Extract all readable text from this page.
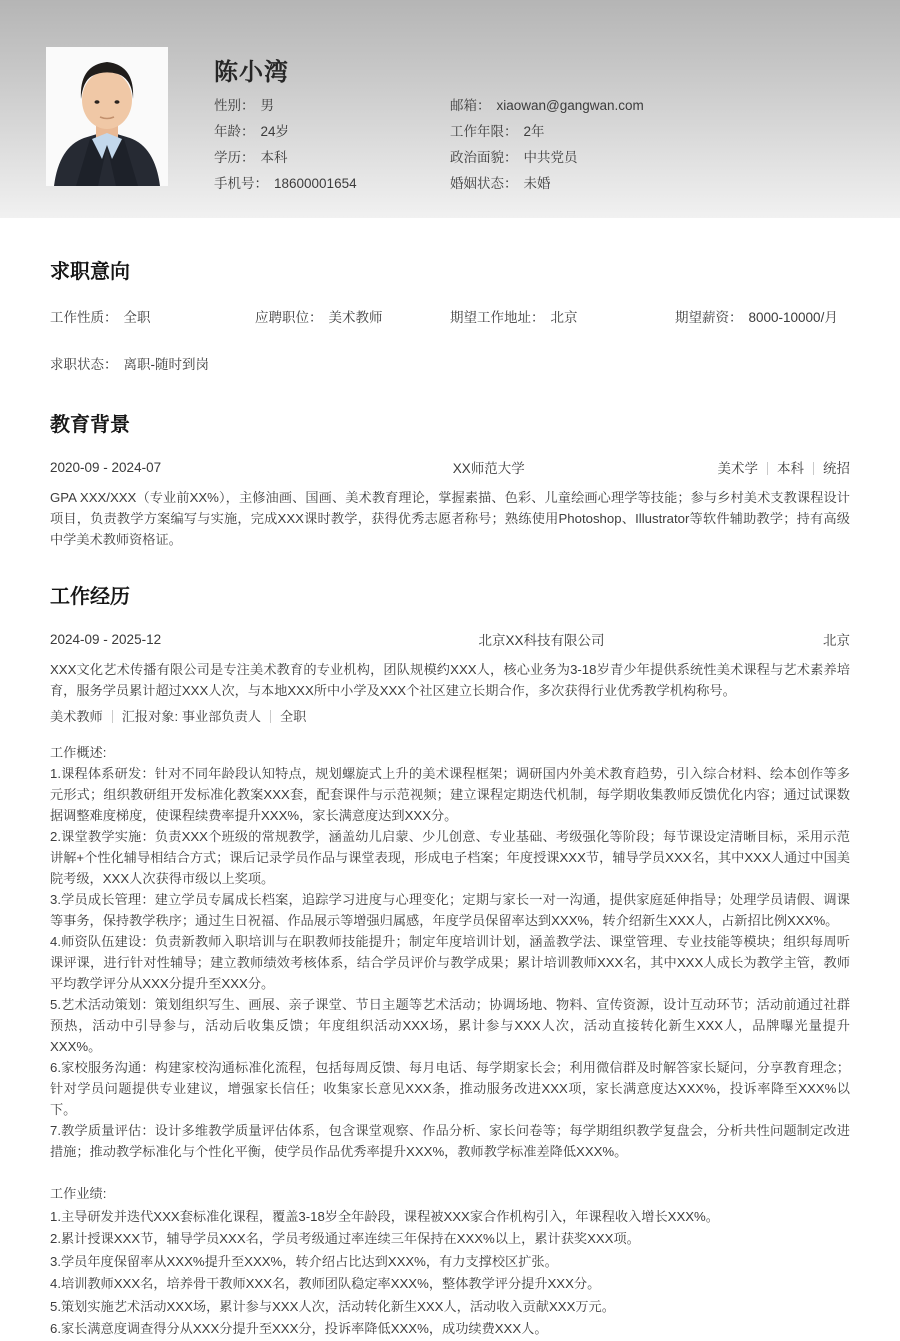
陈小湾
性别： 男
年龄： 24岁
学历： 本科
手机号： 18600001654
邮箱： xiaowan@gangwan.com
工作年限： 2年
政治面貌： 中共党员
婚姻状态： 未婚
求职意向
工作性质： 全职	应聘职位： 美术教师	期望工作地址： 北京	期望薪资： 8000-10000/月
求职状态： 离职-随时到岗
教育背景
2020-09 - 2024-07	XX师范大学	美术学 本科 统招

GPA XXX/XXX（专业前XX%），主修油画、国画、美术教育理论，掌握素描、色彩、儿童绘画心理学等技能；参与乡村美术支教课程设计项目，负责教学方案编写与实施，完成XXX课时教学，获得优秀志愿者称号；熟练使用Photoshop、Illustrator等软件辅助教学；持有高级中学美术教师资格证。

工作经历
2024-09 - 2025-12	北京XX科技有限公司	北京

XXX文化艺术传播有限公司是专注美术教育的专业机构，团队规模约XXX人，核心业务为3-18岁青少年提供系统性美术课程与艺术素养培育，服务学员累计超过XXX人次，与本地XXX所中小学及XXX个社区建立长期合作，多次获得行业优秀教学机构称号。

美术教师 汇报对象: 事业部负责人 全职

工作概述:

1.课程体系研发：针对不同年龄段认知特点，规划螺旋式上升的美术课程框架；调研国内外美术教育趋势，引入综合材料、绘本创作等多元形式；组织教研组开发标准化教案XXX套，配套课件与示范视频；建立课程定期迭代机制，每学期收集教师反馈优化内容；通过试课数据调整难度梯度，使课程续费率提升XXX%，家长满意度达到XXX分。

2.课堂教学实施：负责XXX个班级的常规教学，涵盖幼儿启蒙、少儿创意、专业基础、考级强化等阶段；每节课设定清晰目标，采用示范讲解+个性化辅导相结合方式；课后记录学员作品与课堂表现，形成电子档案；年度授课XXX节，辅导学员XXX名，其中XXX人通过中国美院考级，XXX人次获得市级以上奖项。

3.学员成长管理：建立学员专属成长档案，追踪学习进度与心理变化；定期与家长一对一沟通，提供家庭延伸指导；处理学员请假、调课等事务，保持教学秩序；通过生日祝福、作品展示等增强归属感，年度学员保留率达到XXX%，转介绍新生XXX人，占新招比例XXX%。

4.师资队伍建设：负责新教师入职培训与在职教师技能提升；制定年度培训计划，涵盖教学法、课堂管理、专业技能等模块；组织每周听课评课，进行针对性辅导；建立教师绩效考核体系，结合学员评价与教学成果；累计培训教师XXX名，其中XXX人成长为教学主管，教师平均教学评分从XXX分提升至XXX分。

5.艺术活动策划：策划组织写生、画展、亲子课堂、节日主题等艺术活动；协调场地、物料、宣传资源，设计互动环节；活动前通过社群预热，活动中引导参与，活动后收集反馈；年度组织活动XXX场，累计参与XXX人次，活动直接转化新生XXX人，品牌曝光量提升XXX%。

6.家校服务沟通：构建家校沟通标准化流程，包括每周反馈、每月电话、每学期家长会；利用微信群及时解答家长疑问，分享教育理念；针对学员问题提供专业建议，增强家长信任；收集家长意见XXX条，推动服务改进XXX项，家长满意度达XXX%，投诉率降至XXX%以下。

7.教学质量评估：设计多维教学质量评估体系，包含课堂观察、作品分析、家长问卷等；每学期组织教学复盘会，分析共性问题制定改进措施；推动教学标准化与个性化平衡，使学员作品优秀率提升XXX%，教师教学标准差降低XXX%。

工作业绩:

1.主导研发并迭代XXX套标准化课程，覆盖3-18岁全年龄段，课程被XXX家合作机构引入，年课程收入增长XXX%。

2.累计授课XXX节，辅导学员XXX名，学员考级通过率连续三年保持在XXX%以上，累计获奖XXX项。

3.学员年度保留率从XXX%提升至XXX%，转介绍占比达到XXX%，有力支撑校区扩张。

4.培训教师XXX名，培养骨干教师XXX名，教师团队稳定率XXX%，整体教学评分提升XXX分。

5.策划实施艺术活动XXX场，累计参与XXX人次，活动转化新生XXX人，活动收入贡献XXX万元。

6.家长满意度调查得分从XXX分提升至XXX分，投诉率降低XXX%，成功续费XXX人。
